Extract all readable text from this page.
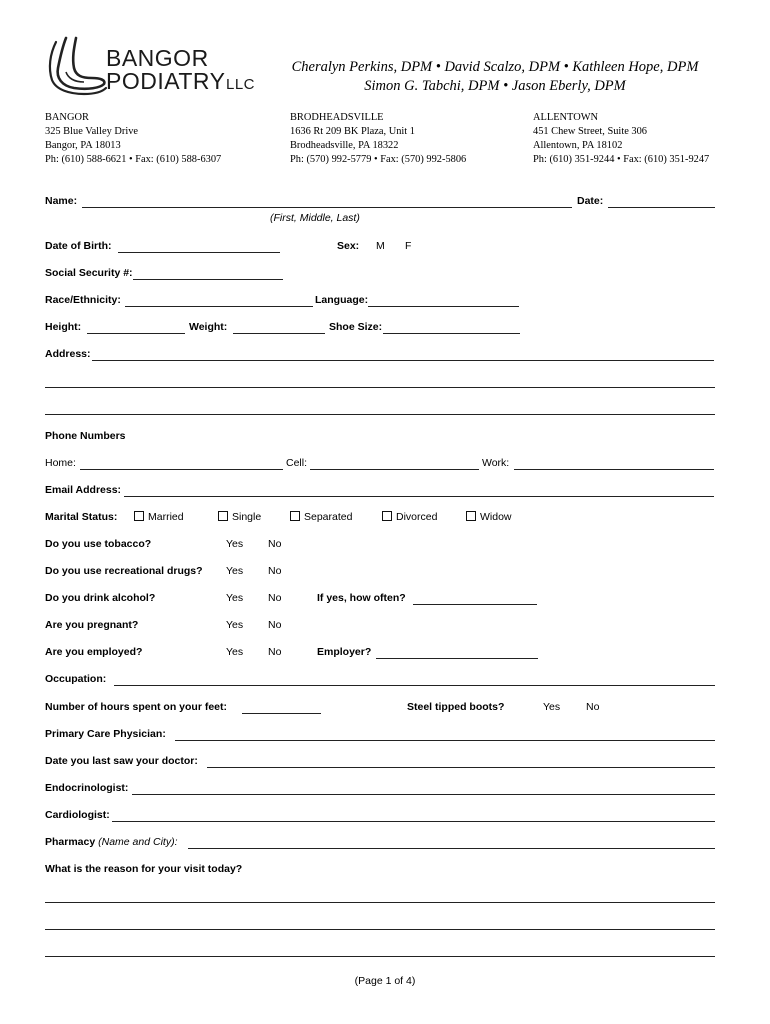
BANGOR
PODIATRY LLC
Cheralyn Perkins, DPM • David Scalzo, DPM • Kathleen Hope, DPM
Simon G. Tabchi, DPM • Jason Eberly, DPM
BANGOR
325 Blue Valley Drive
Bangor, PA 18013
Ph: (610) 588-6621 • Fax: (610) 588-6307
BRODHEADSVILLE
1636 Rt 209 BK Plaza, Unit 1
Brodheadsville, PA 18322
Ph: (570) 992-5779 • Fax: (570) 992-5806
ALLENTOWN
451 Chew Street, Suite 306
Allentown, PA 18102
Ph: (610) 351-9244 • Fax: (610) 351-9247
Name:	Date:
(First, Middle, Last)
Date of Birth:	Sex: M F
Social Security #:
Race/Ethnicity:	Language:
Height:	Weight:	Shoe Size:
Address:
Phone Numbers
Home:	Cell:	Work:
Email Address:
Marital Status:	Married	Single	Separated	Divorced	Widow
Do you use tobacco?	Yes No
Do you use recreational drugs? Yes No
Do you drink alcohol?	Yes No	If yes, how often?
Are you pregnant?	Yes No
Are you employed?	Yes No	Employer?
Occupation:
Number of hours spent on your feet:	Steel tipped boots?	Yes No
Primary Care Physician:
Date you last saw your doctor:
Endocrinologist:
Cardiologist:
Pharmacy (Name and City):
What is the reason for your visit today?
(Page 1 of 4)
